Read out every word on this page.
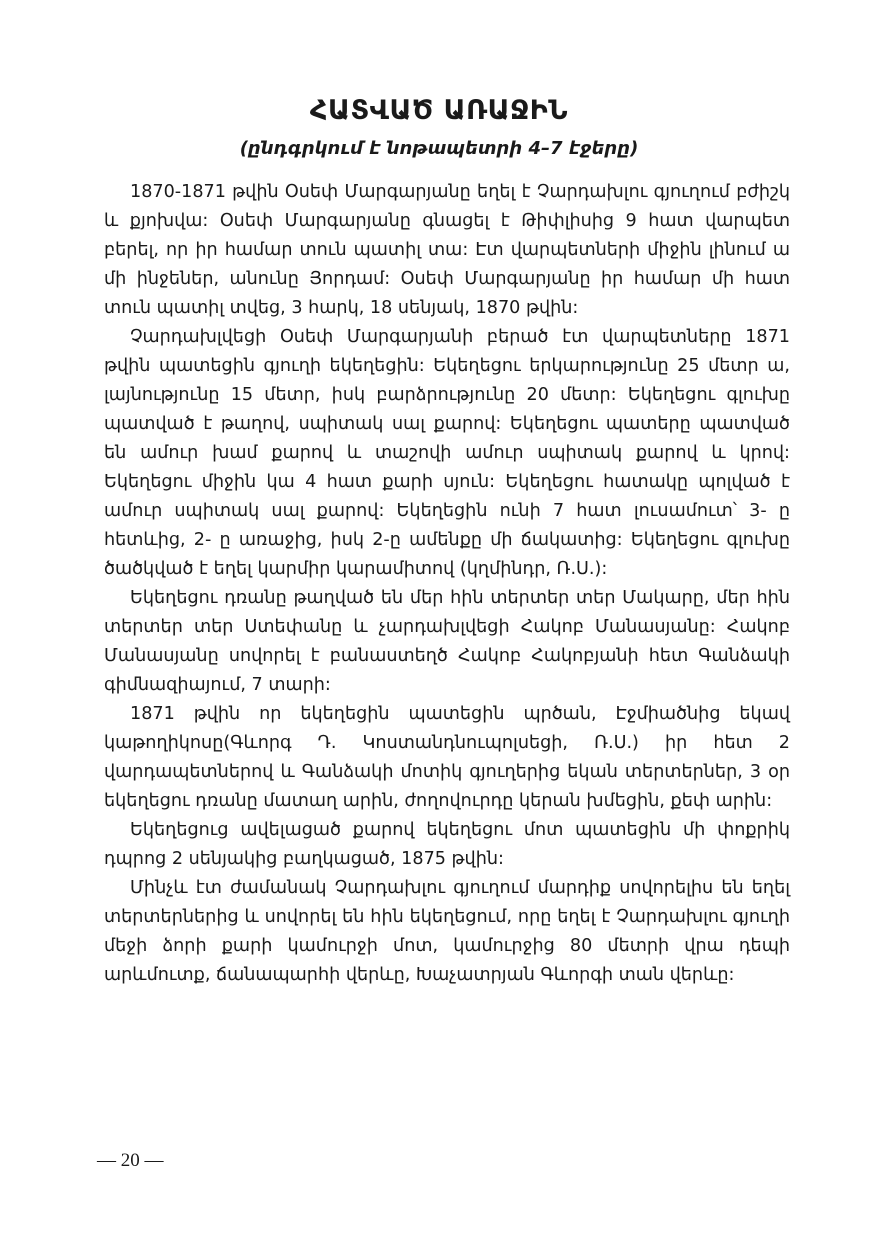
ՀԱՏՎԱԾ ԱՌԱՋԻՆ
(ընդգրկում է նոթապետրի 4–7 էջերը)

1870-1871 թվին Օսեփ Մարգարյանը եղել է Չարդախլու գյուղում բժիշկ և քյոխվա: Օսեփ Մարգարյանը գնացել է Թիփլիսից 9 հատ վարպետ բերել, որ իր համար տուն պատիլ տա: Էտ վարպետների միջին լինում ա մի ինջեներ, անունը Յորդամ: Օսեփ Մարգարյանը իր համար մի հատ տուն պատիլ տվեց, 3 հարկ, 18 սենյակ, 1870 թվին:

Չարդախլվեցի Օսեփ Մարգարյանի բերած էտ վարպետները 1871 թվին պատեցին գյուղի եկեղեցին: Եկեղեցու երկարությունը 25 մետր ա, լայնությունը 15 մետր, իսկ բարձրությունը 20 մետր: Եկեղեցու գլուխը պատված է թաղով, սպիտակ սալ քարով: Եկեղեցու պատերը պատված են ամուր խամ քարով և տաշովի ամուր սպիտակ քարով և կրով: Եկեղեցու միջին կա 4 հատ քարի սյուն: Եկեղեցու հատակը պոլված է ամուր սպիտակ սալ քարով: Եկեղեցին ունի 7 հատ լուսամուտ՝ 3- ը հետևից, 2- ը առաջից, իսկ 2-ը ամենքը մի ճակատից: Եկեղեցու գլուխը ծածկված է եղել կարմիր կարամիտով (կղմինդր, Ռ.Ս.):

Եկեղեցու դռանը թաղված են մեր հին տերտեր տեր Մակարը, մեր հին տերտեր տեր Ստեփանը և չարդախլվեցի Հակոբ Մանասյանը: Հակոբ Մանասյանը սովորել է բանաստեղծ Հակոբ Հակոբյանի հետ Գանձակի գիմնազիայում, 7 տարի:

1871 թվին որ եկեղեցին պատեցին պրծան, Էջմիածնից եկավ կաթողիկոսը(Գևորգ Դ. Կոստանդնուպոլսեցի, Ռ.Ս.) իր հետ 2 վարդապետներով և Գանձակի մոտիկ գյուղերից եկան տերտերներ, 3 օր եկեղեցու դռանը մատաղ արին, ժողովուրդը կերան խմեցին, քեփ արին:

Եկեղեցուց ավելացած քարով եկեղեցու մոտ պատեցին մի փոքրիկ դպրոց 2 սենյակից բաղկացած, 1875 թվին:

Մինչև էտ ժամանակ Չարդախլու գյուղում մարդիք սովորելիս են եղել տերտերներից և սովորել են հին եկեղեցում, որը եղել է Չարդախլու գյուղի մեջի ձորի քարի կամուրջի մոտ, կամուրջից 80 մետրի վրա դեպի արևմուտք, ճանապարհի վերևը, Խաչատրյան Գևորգի տան վերևը:

— 20 —
